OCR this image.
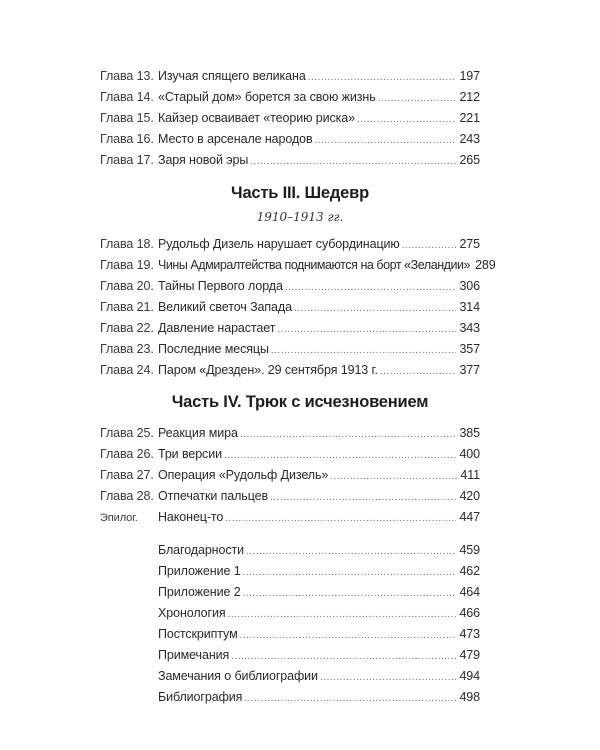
Глава 13. Изучая спящего великана .....	197
Глава 14. «Старый дом» борется за свою жизнь .....	212
Глава 15. Кайзер осваивает «теорию риска» .....	221
Глава 16. Место в арсенале народов .....	243
Глава 17. Заря новой эры .....	265
Часть III. Шедевр
1910–1913 гг.
Глава 18. Рудольф Дизель нарушает субординацию .....	275
Глава 19. Чины Адмиралтейства поднимаются на борт «Зеландии» 289
Глава 20. Тайны Первого лорда .....	306
Глава 21. Великий светоч Запада .....	314
Глава 22. Давление нарастает .....	343
Глава 23. Последние месяцы .....	357
Глава 24. Паром «Дрезден». 29 сентября 1913 г. .....	377
Часть IV. Трюк с исчезновением
Глава 25. Реакция мира .....	385
Глава 26. Три версии .....	400
Глава 27. Операция «Рудольф Дизель» .....	411
Глава 28. Отпечатки пальцев .....	420
Эпилог.	Наконец-то .....	447
Благодарности .....	459
Приложение 1 .....	462
Приложение 2 .....	464
Хронология .....	466
Постскриптум .....	473
Примечания .....	479
Замечания о библиографии .....	494
Библиография .....	498
